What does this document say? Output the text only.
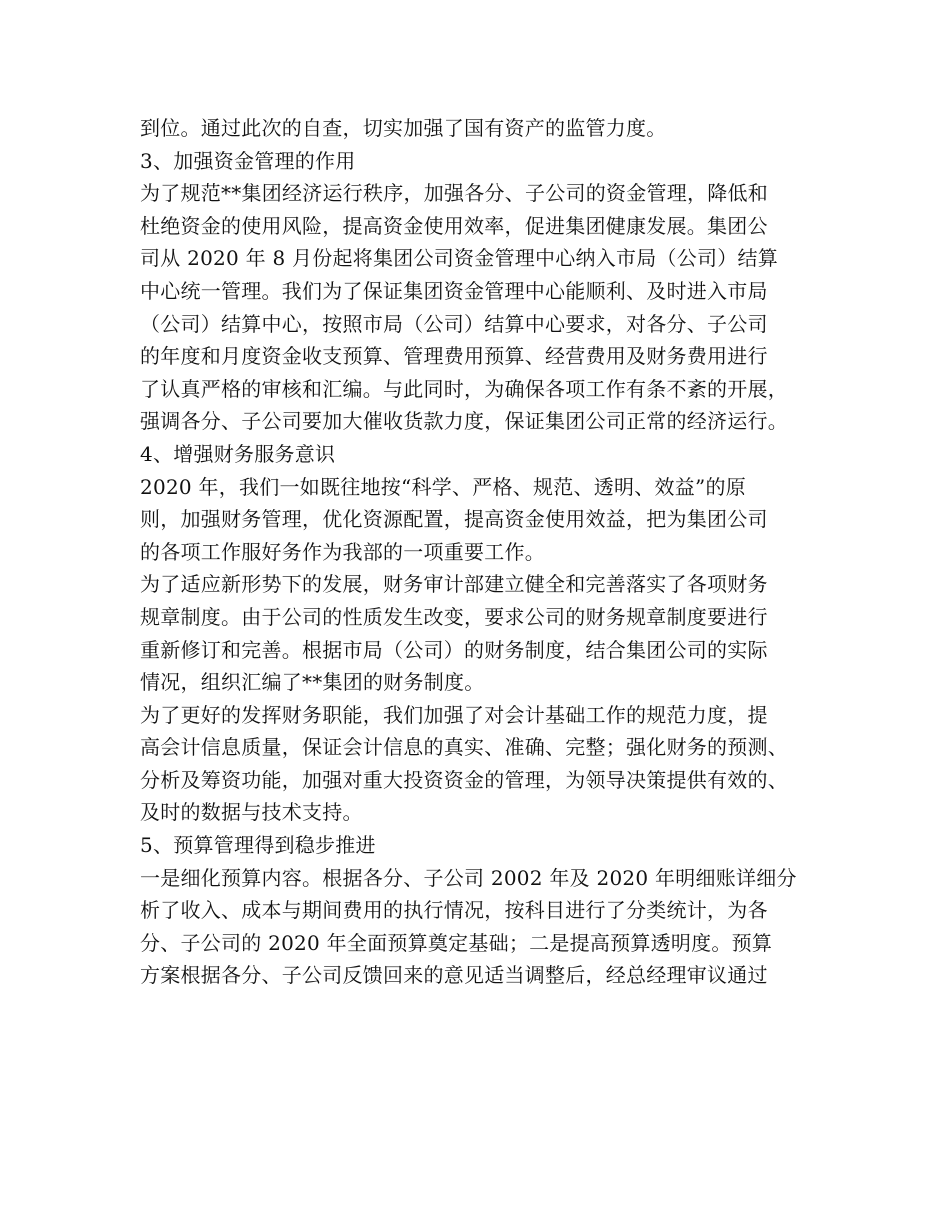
到位。通过此次的自查，切实加强了国有资产的监管力度。
3、加强资金管理的作用
为了规范**集团经济运行秩序，加强各分、子公司的资金管理，降低和
杜绝资金的使用风险，提高资金使用效率，促进集团健康发展。集团公
司从 2020 年 8 月份起将集团公司资金管理中心纳入市局（公司）结算
中心统一管理。我们为了保证集团资金管理中心能顺利、及时进入市局
（公司）结算中心，按照市局（公司）结算中心要求，对各分、子公司
的年度和月度资金收支预算、管理费用预算、经营费用及财务费用进行
了认真严格的审核和汇编。与此同时，为确保各项工作有条不紊的开展，
强调各分、子公司要加大催收货款力度，保证集团公司正常的经济运行。
4、增强财务服务意识
2020 年，我们一如既往地按“科学、严格、规范、透明、效益”的原
则，加强财务管理，优化资源配置，提高资金使用效益，把为集团公司
的各项工作服好务作为我部的一项重要工作。
为了适应新形势下的发展，财务审计部建立健全和完善落实了各项财务
规章制度。由于公司的性质发生改变，要求公司的财务规章制度要进行
重新修订和完善。根据市局（公司）的财务制度，结合集团公司的实际
情况，组织汇编了**集团的财务制度。
为了更好的发挥财务职能，我们加强了对会计基础工作的规范力度，提
高会计信息质量，保证会计信息的真实、准确、完整；强化财务的预测、
分析及筹资功能，加强对重大投资资金的管理，为领导决策提供有效的、
及时的数据与技术支持。
5、预算管理得到稳步推进
一是细化预算内容。根据各分、子公司 2002 年及 2020 年明细账详细分
析了收入、成本与期间费用的执行情况，按科目进行了分类统计，为各
分、子公司的 2020 年全面预算奠定基础；二是提高预算透明度。预算
方案根据各分、子公司反馈回来的意见适当调整后，经总经理审议通过
